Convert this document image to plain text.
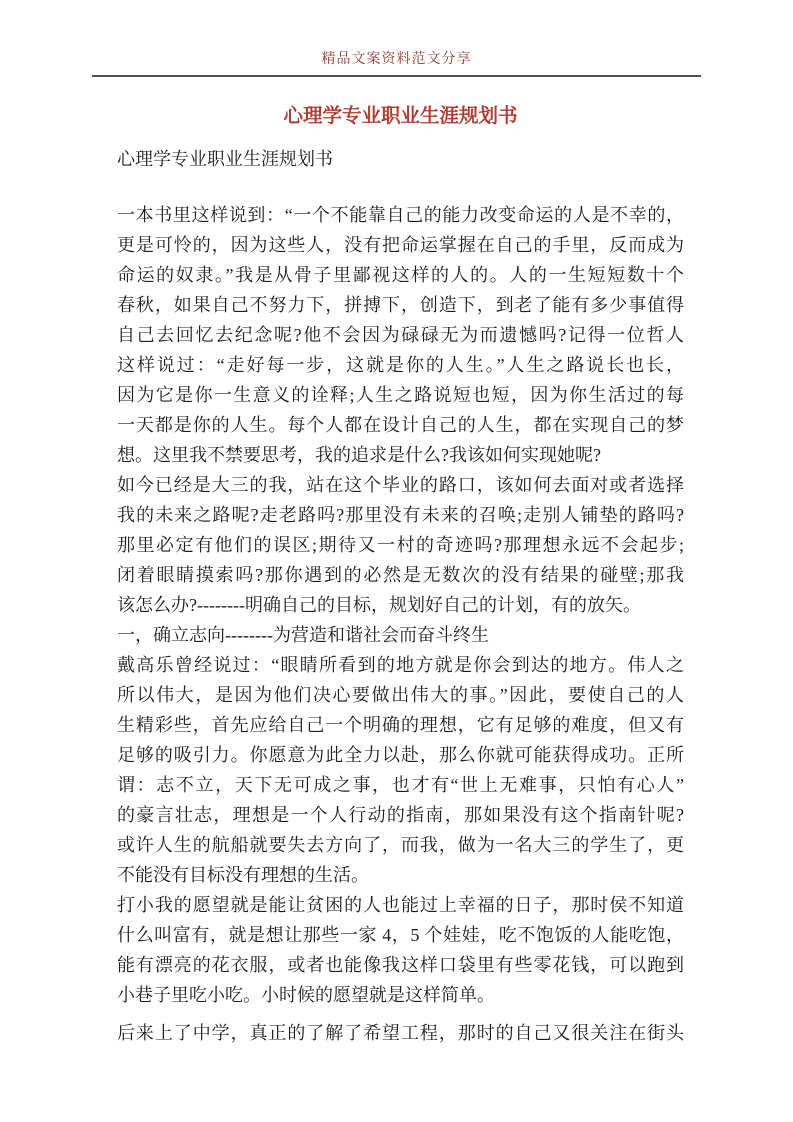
精品文案资料范文分享
心理学专业职业生涯规划书
心理学专业职业生涯规划书

一本书里这样说到：“一个不能靠自己的能力改变命运的人是不幸的，
更是可怜的，因为这些人，没有把命运掌握在自己的手里，反而成为
命运的奴隶。”我是从骨子里鄙视这样的人的。人的一生短短数十个
春秋，如果自己不努力下，拼搏下，创造下，到老了能有多少事值得
自己去回忆去纪念呢?他不会因为碌碌无为而遗憾吗?记得一位哲人
这样说过：“走好每一步，这就是你的人生。”人生之路说长也长，
因为它是你一生意义的诠释;人生之路说短也短，因为你生活过的每
一天都是你的人生。每个人都在设计自己的人生，都在实现自己的梦
想。这里我不禁要思考，我的追求是什么?我该如何实现她呢?

如今已经是大三的我，站在这个毕业的路口，该如何去面对或者选择
我的未来之路呢?走老路吗?那里没有未来的召唤;走别人铺垫的路吗?
那里必定有他们的误区;期待又一村的奇迹吗?那理想永远不会起步;
闭着眼睛摸索吗?那你遇到的必然是无数次的没有结果的碰壁;那我
该怎么办?--------明确自己的目标，规划好自己的计划，有的放矢。

一，确立志向--------为营造和谐社会而奋斗终生

戴高乐曾经说过：“眼睛所看到的地方就是你会到达的地方。伟人之
所以伟大，是因为他们决心要做出伟大的事。”因此，要使自己的人
生精彩些，首先应给自己一个明确的理想，它有足够的难度，但又有
足够的吸引力。你愿意为此全力以赴，那么你就可能获得成功。正所
谓：志不立，天下无可成之事，也才有“世上无难事，只怕有心人”
的豪言壮志，理想是一个人行动的指南，那如果没有这个指南针呢?
或许人生的航船就要失去方向了，而我，做为一名大三的学生了，更
不能没有目标没有理想的生活。

打小我的愿望就是能让贫困的人也能过上幸福的日子，那时侯不知道
什么叫富有，就是想让那些一家 4，5 个娃娃，吃不饱饭的人能吃饱，
能有漂亮的花衣服，或者也能像我这样口袋里有些零花钱，可以跑到
小巷子里吃小吃。小时候的愿望就是这样简单。

后来上了中学，真正的了解了希望工程，那时的自己又很关注在街头
